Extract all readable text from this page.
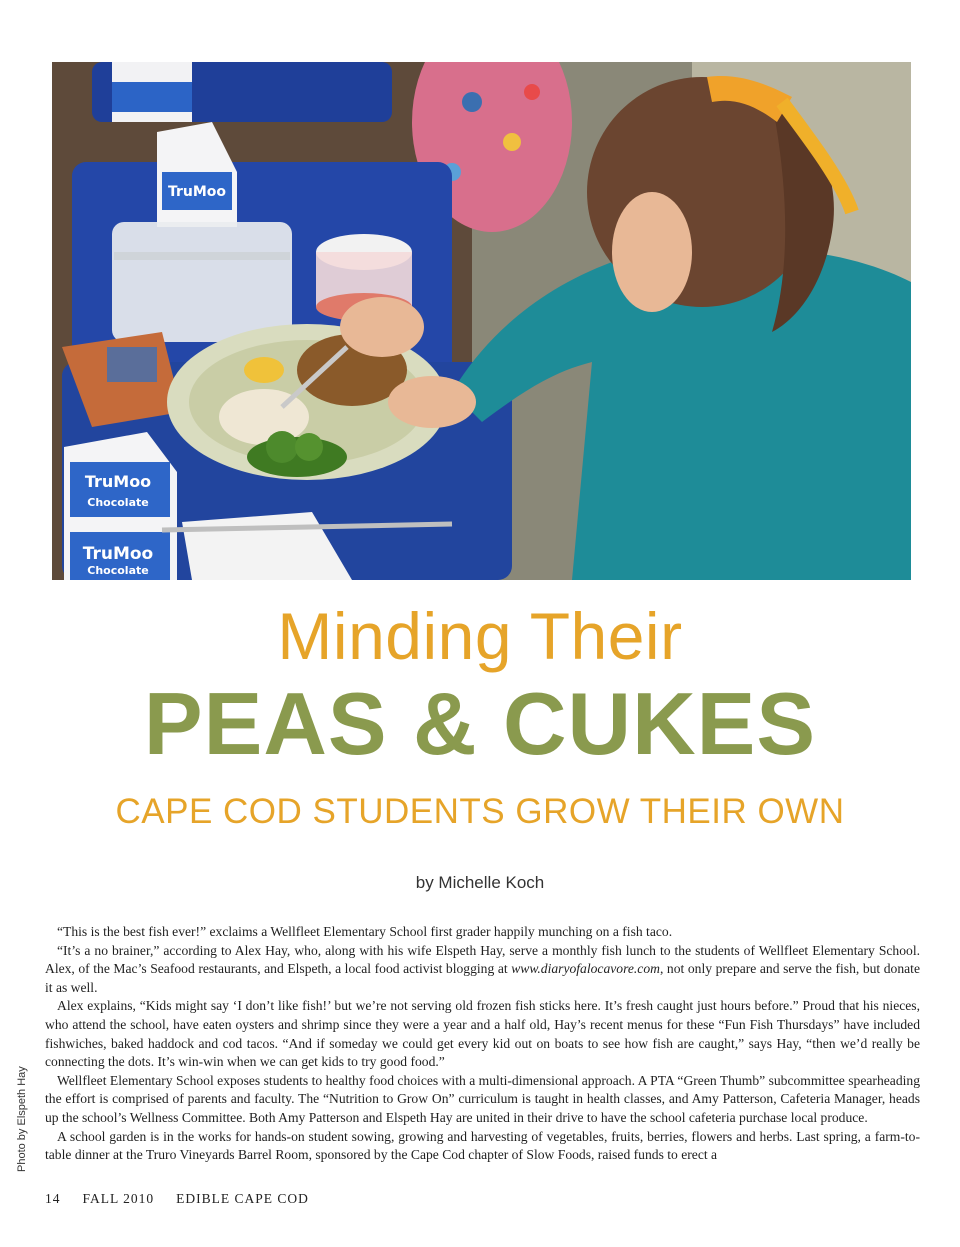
TruMoo
TruMoo
Chocolate
TruMoo
Chocolate
Photo by Elspeth Hay
Minding Their
PEAS & CUKES
CAPE COD STUDENTS GROW THEIR OWN
by Michelle Koch

“This is the best fish ever!” exclaims a Wellfleet Elementary School first grader happily munching on a fish taco.

“It’s a no brainer,” according to Alex Hay, who, along with his wife Elspeth Hay, serve a monthly fish lunch to the students of Wellfleet Elementary School. Alex, of the Mac’s Seafood restaurants, and Elspeth, a local food activist blogging at www.diaryofalocavore.com, not only prepare and serve the fish, but donate it as well.

Alex explains, “Kids might say ‘I don’t like fish!’ but we’re not serving old frozen fish sticks here. It’s fresh caught just hours before.” Proud that his nieces, who attend the school, have eaten oysters and shrimp since they were a year and a half old, Hay’s recent menus for these “Fun Fish Thursdays” have included fishwiches, baked haddock and cod tacos. “And if someday we could get every kid out on boats to see how fish are caught,” says Hay, “then we’d really be connecting the dots. It’s win-win when we can get kids to try good food.”

Wellfleet Elementary School exposes students to healthy food choices with a multi-dimensional approach. A PTA “Green Thumb” subcommittee spearheading the effort is comprised of parents and faculty. The “Nutrition to Grow On” curriculum is taught in health classes, and Amy Patterson, Cafeteria Manager, heads up the school’s Wellness Committee. Both Amy Patterson and Elspeth Hay are united in their drive to have the school cafeteria purchase local produce.

A school garden is in the works for hands-on student sowing, growing and harvesting of vegetables, fruits, berries, flowers and herbs. Last spring, a farm-to-table dinner at the Truro Vineyards Barrel Room, sponsored by the Cape Cod chapter of Slow Foods, raised funds to erect a

14 FALL 2010 EDIBLE CAPE COD
